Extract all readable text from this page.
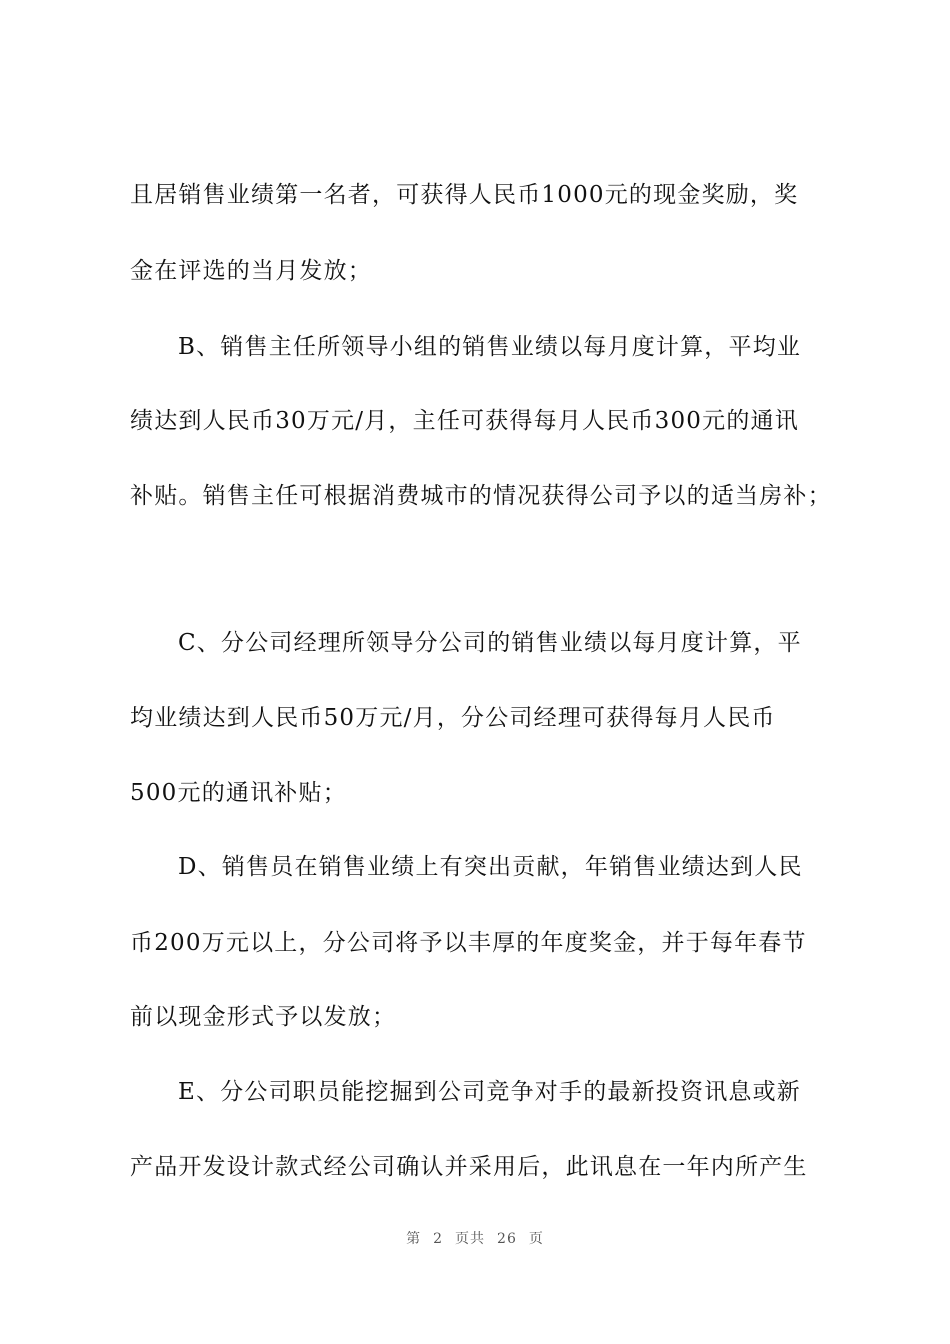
且居销售业绩第一名者，可获得人民币1000元的现金奖励，奖
金在评选的当月发放；
B、销售主任所领导小组的销售业绩以每月度计算，平均业
绩达到人民币30万元/月，主任可获得每月人民币300元的通讯
补贴。销售主任可根据消费城市的情况获得公司予以的适当房补；
C、分公司经理所领导分公司的销售业绩以每月度计算，平
均业绩达到人民币50万元/月，分公司经理可获得每月人民币
500元的通讯补贴；
D、销售员在销售业绩上有突出贡献，年销售业绩达到人民
币200万元以上，分公司将予以丰厚的年度奖金，并于每年春节
前以现金形式予以发放；
E、分公司职员能挖掘到公司竞争对手的最新投资讯息或新
产品开发设计款式经公司确认并采用后，此讯息在一年内所产生
第 2 页共 26 页
